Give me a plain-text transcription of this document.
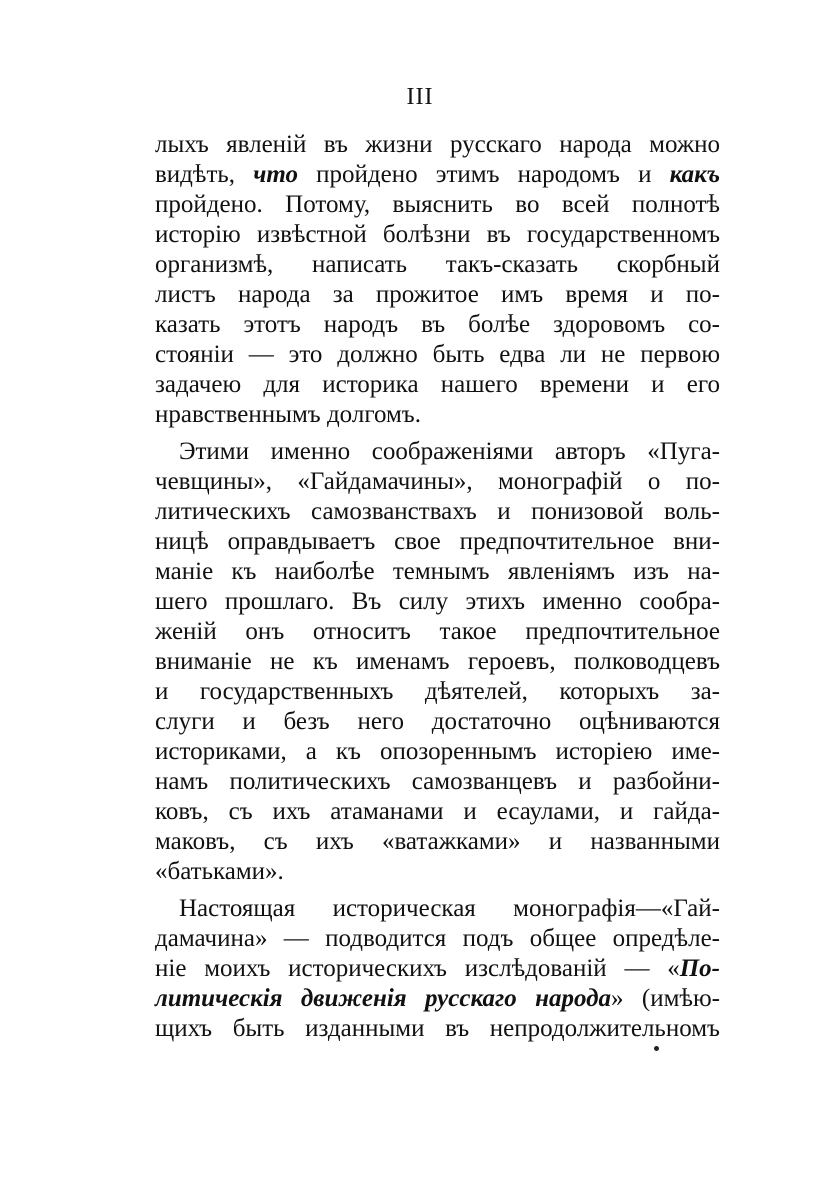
III
лыхъ явленій въ жизни русскаго народа можно
видѣть, что пройдено этимъ народомъ и какъ
пройдено. Потому, выяснить во всей полнотѣ
исторію извѣстной болѣзни въ государственномъ
организмѣ, написать такъ-сказать скорбный
листъ народа за прожитое имъ время и по-
казать этотъ народъ въ болѣе здоровомъ со-
стояніи — это должно быть едва ли не первою
задачею для историка нашего времени и его
нравственнымъ долгомъ.
Этими именно соображеніями авторъ «Пуга-
чевщины», «Гайдамачины», монографій о по-
литическихъ самозванствахъ и понизовой воль-
ницѣ оправдываетъ свое предпочтительное вни-
маніе къ наиболѣе темнымъ явленіямъ изъ на-
шего прошлаго. Въ силу этихъ именно сообра-
женій онъ относитъ такое предпочтительное
вниманіе не къ именамъ героевъ, полководцевъ
и государственныхъ дѣятелей, которыхъ за-
слуги и безъ него достаточно оцѣниваются
историками, а къ опозореннымъ исторіею име-
намъ политическихъ самозванцевъ и разбойни-
ковъ, съ ихъ атаманами и есаулами, и гайда-
маковъ, съ ихъ «ватажками» и названными
«батьками».
Настоящая историческая монографія—«Гай-
дамачина» — подводится подъ общее опредѣле-
ніе моихъ историческихъ изслѣдованій — «По-
литическія движенія русскаго народа» (имѣю-
щихъ быть изданными въ непродолжительномъ
